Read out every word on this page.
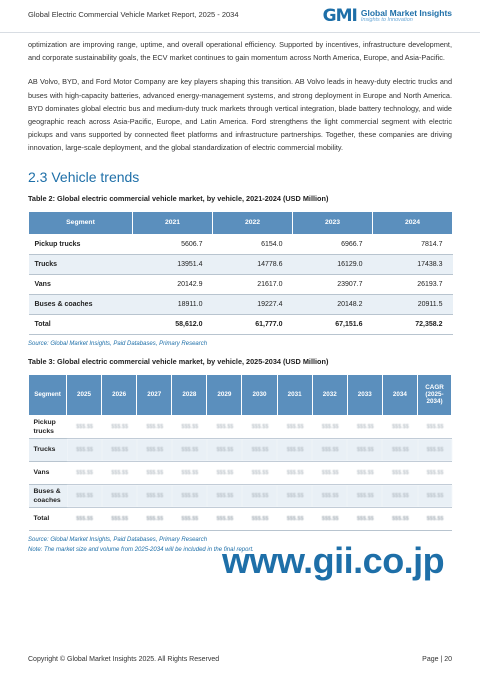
Global Electric Commercial Vehicle Market Report, 2025 - 2034	GMI Global Market Insights
Insights to Innovation

optimization are improving range, uptime, and overall operational efficiency. Supported by incentives, infrastructure development, and corporate sustainability goals, the ECV market continues to gain momentum across North America, Europe, and Asia-Pacific.

AB Volvo, BYD, and Ford Motor Company are key players shaping this transition. AB Volvo leads in heavy-duty electric trucks and buses with high-capacity batteries, advanced energy-management systems, and strong deployment in Europe and North America. BYD dominates global electric bus and medium-duty truck markets through vertical integration, blade battery technology, and wide geographic reach across Asia-Pacific, Europe, and Latin America. Ford strengthens the light commercial segment with electric pickups and vans supported by connected fleet platforms and infrastructure partnerships. Together, these companies are driving innovation, large-scale deployment, and the global standardization of electric commercial mobility.

2.3 Vehicle trends
Table 2: Global electric commercial vehicle market, by vehicle, 2021-2024 (USD Million)
Segment	2021	2022	2023	2024
Pickup trucks	5606.7	6154.0	6966.7	7814.7
Trucks	13951.4	14778.6	16129.0	17438.3
Vans	20142.9	21617.0	23907.7	26193.7
Buses & coaches	18911.0	19227.4	20148.2	20911.5
Total	58,612.0	61,777.0	67,151.6	72,358.2
Source: Global Market Insights, Paid Databases, Primary Research
Table 3: Global electric commercial vehicle market, by vehicle, 2025-2034 (USD Million)
Segment	2025	2026	2027	2028	2029	2030	2031	2032	2033	2034	CAGR (2025-2034)
Pickup trucks	$$$.$$	$$$.$$	$$$.$$	$$$.$$	$$$.$$	$$$.$$	$$$.$$	$$$.$$	$$$.$$	$$$.$$	$$$.$$
Trucks	$$$.$$	$$$.$$	$$$.$$	$$$.$$	$$$.$$	$$$.$$	$$$.$$	$$$.$$	$$$.$$	$$$.$$	$$$.$$
Vans	$$$.$$	$$$.$$	$$$.$$	$$$.$$	$$$.$$	$$$.$$	$$$.$$	$$$.$$	$$$.$$	$$$.$$	$$$.$$
Buses & coaches	$$$.$$	$$$.$$	$$$.$$	$$$.$$	$$$.$$	$$$.$$	$$$.$$	$$$.$$	$$$.$$	$$$.$$	$$$.$$
Total	$$$.$$	$$$.$$	$$$.$$	$$$.$$	$$$.$$	$$$.$$	$$$.$$	$$$.$$	$$$.$$	$$$.$$	$$$.$$
Source: Global Market Insights, Paid Databases, Primary Research
Note: The market size and volume from 2025-2034 will be included in the final report.
www.gii.co.jp
Copyright © Global Market Insights 2025. All Rights Reserved	Page | 20
